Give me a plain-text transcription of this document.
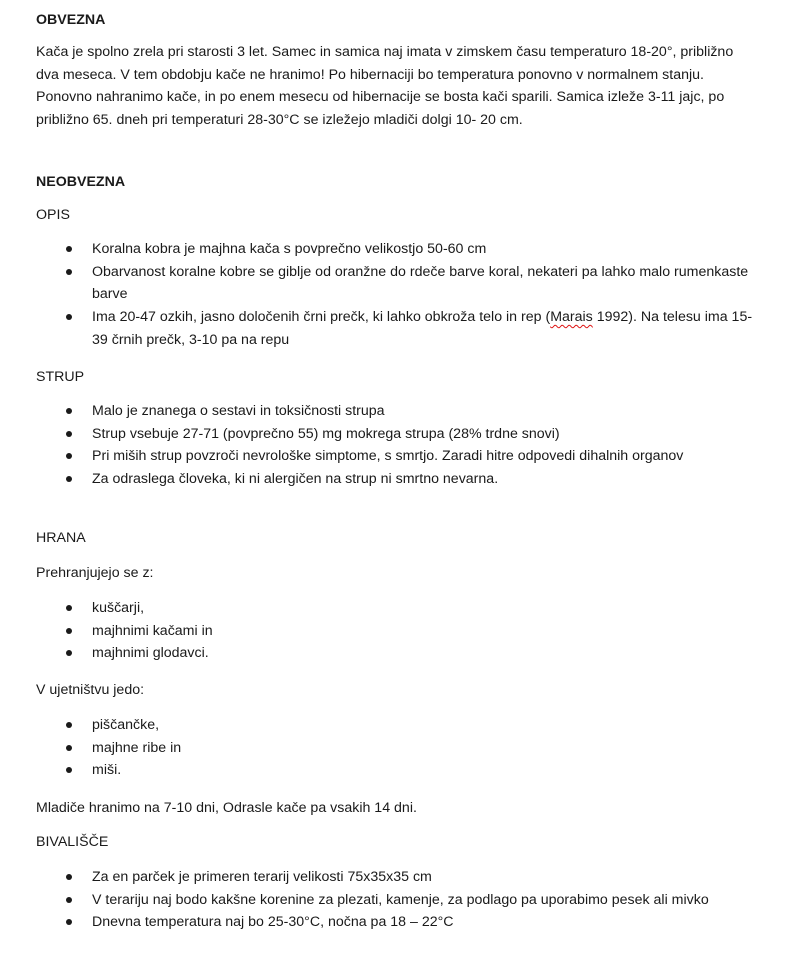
OBVEZNA
Kača je spolno zrela pri starosti 3 let. Samec in samica naj imata v zimskem času temperaturo 18-20°, približno dva meseca. V tem obdobju kače ne hranimo! Po hibernaciji bo temperatura ponovno v normalnem stanju. Ponovno nahranimo kače, in po enem mesecu od hibernacije se bosta kači sparili. Samica izleže 3-11 jajc, po približno 65. dneh pri temperaturi 28-30°C se izležejo mladiči dolgi 10- 20 cm.
NEOBVEZNA
OPIS
Koralna kobra je majhna kača s povprečno velikostjo 50-60 cm
Obarvanost koralne kobre se giblje od oranžne do rdeče barve koral, nekateri pa lahko malo rumenkaste barve
Ima 20-47 ozkih, jasno določenih črni prečk, ki lahko obkroža telo in rep (Marais 1992). Na telesu ima 15-39 črnih prečk, 3-10 pa na repu
STRUP
Malo je znanega o sestavi in toksičnosti strupa
Strup vsebuje 27-71 (povprečno 55) mg mokrega strupa (28% trdne snovi)
Pri miših strup povzroči nevrološke simptome, s smrtjo. Zaradi hitre odpovedi dihalnih organov
Za odraslega človeka, ki ni alergičen na strup ni smrtno nevarna.
HRANA
Prehranjujejo se z:
kuščarji,
majhnimi kačami in
majhnimi glodavci.
V ujetništvu jedo:
piščančke,
majhne ribe in
miši.
Mladiče hranimo na 7-10 dni, Odrasle kače pa vsakih 14 dni.
BIVALIŠČE
Za en parček je primeren terarij velikosti 75x35x35 cm
V terariju naj bodo kakšne korenine za plezati, kamenje, za podlago pa uporabimo pesek ali mivko
Dnevna temperatura naj bo 25-30°C, nočna pa 18 – 22°C
